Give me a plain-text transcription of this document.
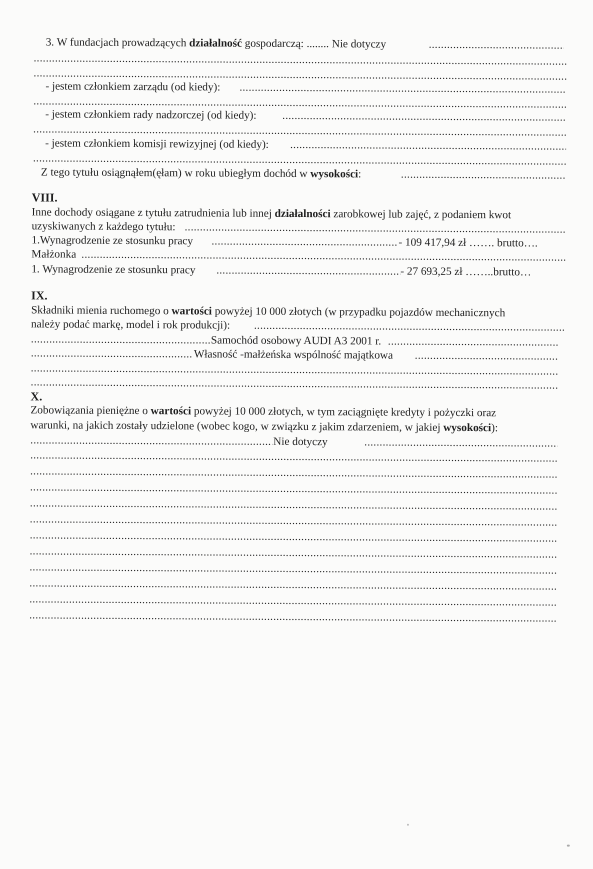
3. W fundacjach prowadzących działalność gospodarczą: ........ Nie dotyczy
.....
.....
.....
- jestem członkiem zarządu (od kiedy):
.....
.....
- jestem członkiem rady nadzorczej (od kiedy):
.....
.....
- jestem członkiem komisji rewizyjnej (od kiedy):
.....
.....
Z tego tytułu osiągnąłem(ęłam) w roku ubiegłym dochód w wysokości:
.....
VIII.
Inne dochody osiągane z tytułu zatrudnienia lub innej działalności zarobkowej lub zajęć, z podaniem kwot
uzyskiwanych z każdego tytułu:
.....
1.Wynagrodzenie ze stosunku pracy .....	- 109 417,94 zł ……. brutto….
Małżonka
.....
1. Wynagrodzenie ze stosunku pracy .....	- 27 693,25 zł ……..brutto…
IX.
Składniki mienia ruchomego o wartości powyżej 10 000 złotych (w przypadku pojazdów mechanicznych
należy podać markę, model i rok produkcji):
.....
.....
Samochód osobowy AUDI A3 2001 r.
.....
.....
Własność -małżeńska wspólność majątkowa
.....
.....
.....
X.
Zobowiązania pieniężne o wartości powyżej 10 000 złotych, w tym zaciągnięte kredyty i pożyczki oraz
warunki, na jakich zostały udzielone (wobec kogo, w związku z jakim zdarzeniem, w jakiej wysokości):
.....
Nie dotyczy
.....
.....
.....
.....
.....
.....
.....
.....
.....
.....
.....
.....
